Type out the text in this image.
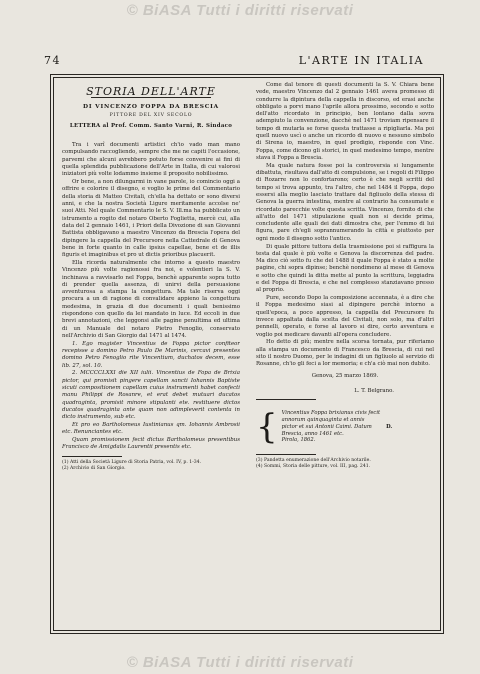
© BiASA Tutti i diritti riservati
74	L'ARTE IN ITALIA
STORIA DELL'ARTE
DI VINCENZO FOPPA DA BRESCIA
PITTORE DEL XIV SECOLO
LETTERA al Prof. Comm. Santo Varni, R. Sindaco

Tra i varî documenti artistici ch'io vado man mano compulsando raccogliendo, sempre che me ne capiti l'occasione, parvemi che alcuni avrebbero potuto forse convenire ai fini di quella splendida pubblicazione dell'Arte in Italia, di cui valorosi iniziatori più volte lodammo insieme il proposito nobilissimo.

Or bene, a non dilungarmi in vane parole, io comincio oggi a offrire e colorire il disegno, e voglio le prime del Commentario della storia di Matteo Civitali, ch'ella ha dettato or sono diversi anni, e che la nostra Società Ligure meritamente accolse ne' suoi Atti. Nel quale Commentario le S. V. Ill.ma ha pubblicato un istrumento a rogito del notaro Oberto Foglietta, mercè cui, alla data del 2 gennaio 1461, i Priori della Divozione di san Giovanni Battista obbligavano a maestro Vincenzo da Brescia l'opera del dipingere la cappella del Precursore nella Cattedrale di Genova bene in forte quanto in calle ipsius capellae, bene et de illis figuris et imaginibus et pro ut dictis prioribus placuerit.

Ella ricorda naturalmente che intorno a questo maestro Vincenzo più volte ragionossi fra noi, e volentieri la S. V. inchinava a ravvisarlo nel Foppa, benchè apparente sopra tutto di prender quella assenza, di unirvi della persuasione avventurosa a stampa la congettura. Ma tale riserva oggi procura a un di ragione di convalidare appieno la congettura medesima, in grazia di due documenti i quali benissimo rispondono con quello da lei mandato in luce. Ed eccoli in due brevi annotazioni, che leggonsi alle pagine penultima ed ultima di un Manuale del notaro Pietro Fenoglio, conservato nell'Archivio di San Giorgio dal 1471 al 1474.

1. Ego magister Vincentius de Foppa pictor confiteor recepisse a domino Petro Paulo De Marinis, cercavi presentes domino Petro Fenoglio rite Vincentium, duchatos decem, esse lib. 27, sol. 10.

2. MCCCCLXXI die XII iulii. Vincentius de Fopa de Brixia pictor, qui promisit pingere capellam sancti Iohannis Baptiste sicuti compositionem capellam cuius instrumenti habet confecti manu Philippi de Rosanre, et erat debet mutuari ducatos quadraginta, promisit minore stipulanti ete. restituere dictos ducatos quadraginta ante quam non adimpleverit contenta in dicto instrumento, sub etc.

Et pro eo Bartholomeus Iustinianus qm. Iohannis Ambrosii etc. Renunciantes etc.

Quam promissionem fecit dictus Bartholomeus presentibus Francisco de Amigdalis Laurentii presentis etc.

(1) Atti della Società Ligure di Storia Patria, vol. IV, p. 1-34.
(2) Archivio di San Giorgio.

Come dal tenore di questi documenti la S. V. Chiara bene vede, maestro Vincenzo dal 2 gennaio 1461 aveva promesso di condurre la dipintura della cappella in discorso, ed erasi anche obbligato a porvi mano l'aprile allora prossimo, secondo e sotto dell'atto ricordato in principio, ben lontano dalla sovra adempiuto la convenzione, dacchè nel 1471 troviam ripensare il tempo di mutarla se forse questa trattasse a ripigliarla. Ma poi quell nuovo uscì o anche un ricordo di nuovo e nessuno simbolo di Sirena io, maestro, in quel prodigio, risponde con Vinc. Foppa, come dicono gli storici, in quel medesimo tempo, mentre stava il Foppa a Brescia.

Ma quale natura fosse poi la controversia si lungamente dibattuta, risultava dall'atto di compulsione, se i regoli di Filippo di Rozarre non lo confortarono; certo è che negli scritti del tempo si trova appunto, tra l'altro, che nel 1484 il Foppa, dopo essersi alla meglio lasciato trattare dal figliuolo della stessa di Genova la guerra intestina, mentre al contrario ha consumate e ricordato parecchie volte questa scritta. Vincenzo, fornito di che all'atto del 1471 stipulazione quali non si decide prima, concludente alle quali dei dati dimostra che, per l'emmo di lui figura, pare ch'egli soprannumerando la città e piuttosto per ogni modo il disegno sotto l'antico.

Di quale pittore tuttora della trasmissione poi si raffigura la testa dal quale è più volte e Genova la discorrenza del padre. Ma dico ciò sotto fu che del 1488 il quale Foppa è stato a molte pagine, chi sopra dipinse; benchè nondimeno al mese di Genova e sotto che quindi la ditta mette al punto la scrittura, leggiadra e del Foppa di Brescia, e che nel complesso stanziavano presso al proprio.

Pure, secondo Dopo la composizione accennata, è a dire che il Foppa medesimo siasi al dipingere perchè intorno a quell'epoca, a poco appresso, la cappella del Precursore fu invece appaltata dalla scelta del Civitali, non solo, ma d'altri pennelli, operato, e forse al lavoro si dire, certo avventura e voglio poi medicare davanti all'opera concludere.

Ho detto di più; mentre nella scorsa tornata, pur riferiamo alla stampa un documento di Francesco da Brescia, di cui nel sito il nostro Duomo, per le indagini di un figliuolo al servizio di Rosanne, ch'io gli feci a lor memoria; e ch'a ciò mai non dubito.

Genova, 25 marzo 1869.

L. T. Belgrano.

{ Vincentius Foppa brixianus civis fecit
annorum quinquaginta et annis
pictor et sui Antonii Caimi. Datum
Brescia, anno 1461 etc.
Pirola, 1862.
D.
(3) Pandetta enumerazione dell'Archivio notarile.
(4) Sommi, Storia delle pitture, vol. III, pag. 241.
© BiASA Tutti i diritti riservati
